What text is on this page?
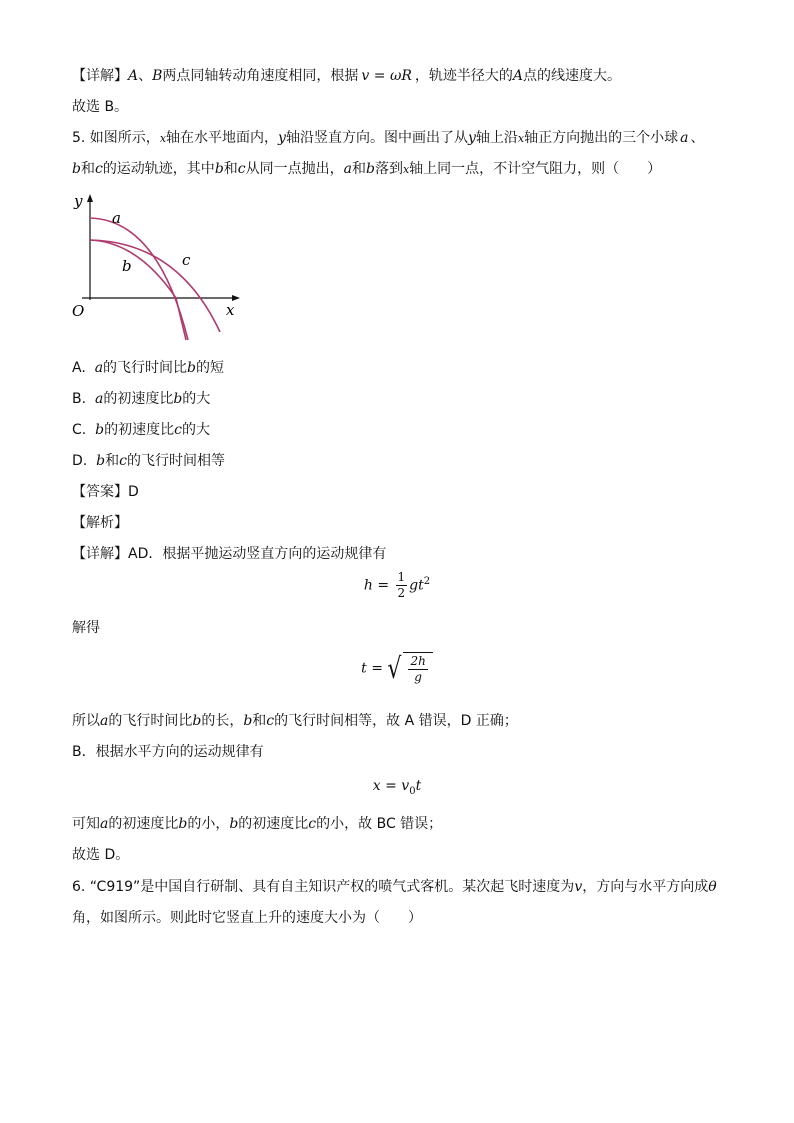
【详解】A、B两点同轴转动角速度相同，根据 v = ωR ，轨迹半径大的A点的线速度大。
故选 B。
5. 如图所示，x轴在水平地面内，y轴沿竖直方向。图中画出了从y轴上沿x轴正方向抛出的三个小球 a 、
b和c的运动轨迹，其中b和c从同一点抛出，a和b落到x轴上同一点，不计空气阻力，则（　　）
y
x
O
a
b	c
A. a的飞行时间比b的短
B. a的初速度比b的大
C. b的初速度比c的大
D. b和c的飞行时间相等
【答案】D
【解析】
【详解】AD．根据平抛运动竖直方向的运动规律有
$h = \frac{1}{2} gt^2$
解得
t = √ $\frac{2h}{g}$
所以a的飞行时间比b的长，b和c的飞行时间相等，故 A 错误，D 正确；
B．根据水平方向的运动规律有
$x = v_0t$
可知a的初速度比b的小，b的初速度比c的小，故 BC 错误；
故选 D。
6. “C919”是中国自行研制、具有自主知识产权的喷气式客机。某次起飞时速度为v，方向与水平方向成θ
角，如图所示。则此时它竖直上升的速度大小为（　　）
